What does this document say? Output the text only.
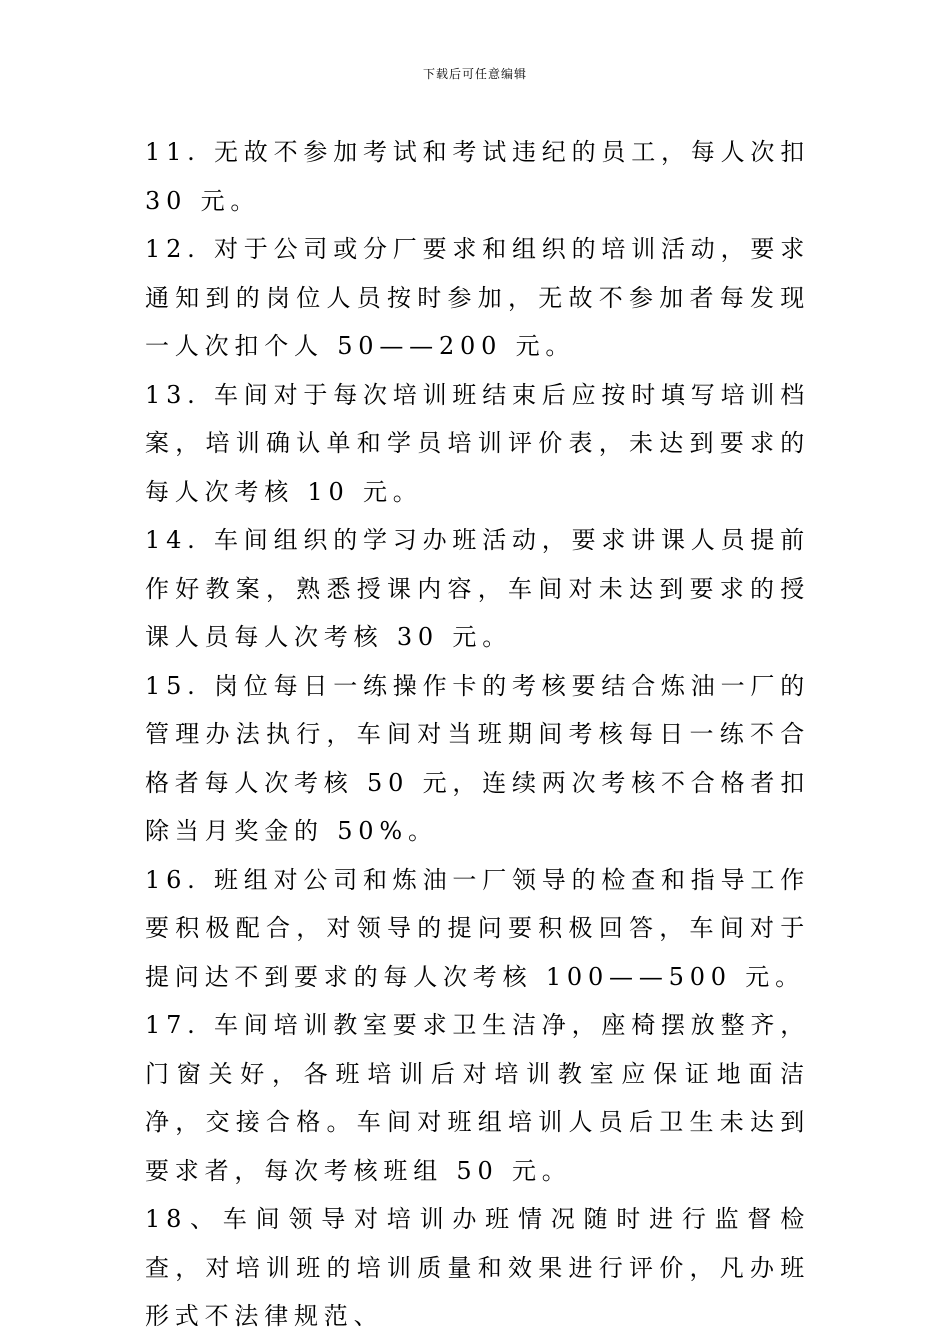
下载后可任意编辑

11. 无故不参加考试和考试违纪的员工，每人次扣 30 元。

12. 对于公司或分厂要求和组织的培训活动，要求通知到的岗位人员按时参加，无故不参加者每发现一人次扣个人 50——200 元。

13. 车间对于每次培训班结束后应按时填写培训档案，培训确认单和学员培训评价表，未达到要求的每人次考核 10 元。

14. 车间组织的学习办班活动，要求讲课人员提前作好教案，熟悉授课内容，车间对未达到要求的授课人员每人次考核 30 元。

15. 岗位每日一练操作卡的考核要结合炼油一厂的管理办法执行，车间对当班期间考核每日一练不合格者每人次考核 50 元，连续两次考核不合格者扣除当月奖金的 50%。

16. 班组对公司和炼油一厂领导的检查和指导工作要积极配合，对领导的提问要积极回答，车间对于提问达不到要求的每人次考核 100——500 元。

17. 车间培训教室要求卫生洁净，座椅摆放整齐，门窗关好，各班培训后对培训教室应保证地面洁净，交接合格。车间对班组培训人员后卫生未达到要求者，每次考核班组 50 元。

18、车间领导对培训办班情况随时进行监督检查，对培训班的培训质量和效果进行评价，凡办班形式不法律规范、
